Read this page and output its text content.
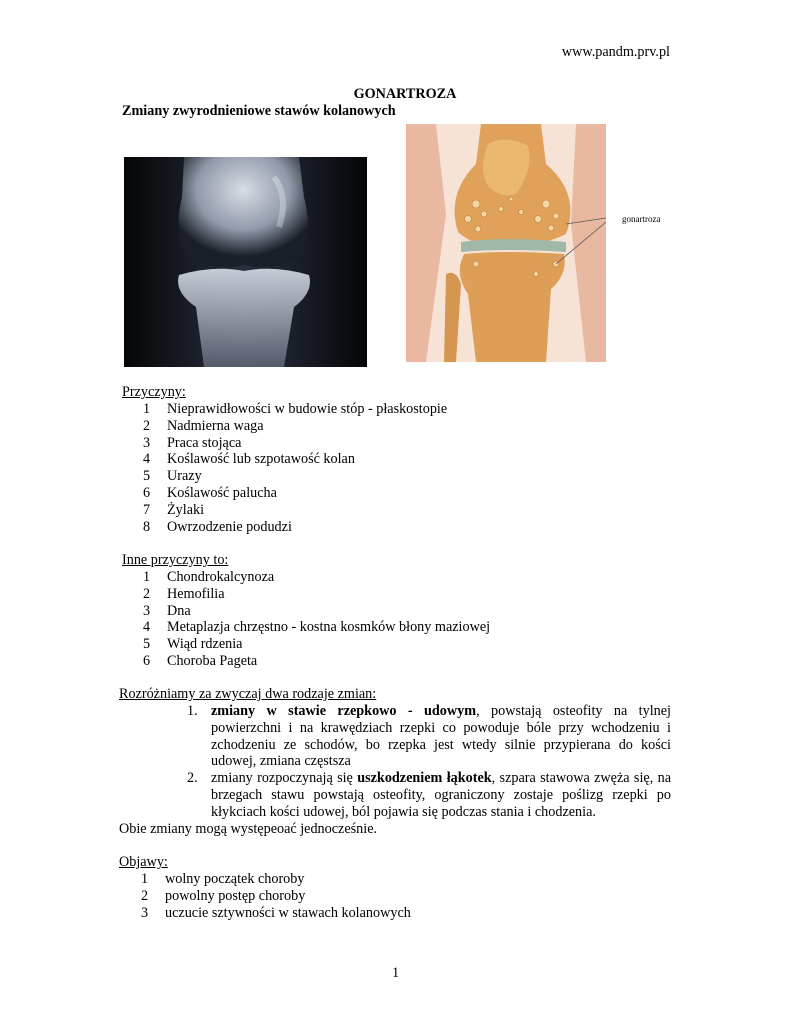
www.pandm.prv.pl
GONARTROZA
Zmiany zwyrodnieniowe stawów kolanowych
gonartroza
Przyczyny:
1 Nieprawidłowości w budowie stóp - płaskostopie
2 Nadmierna waga
3 Praca stojąca
4 Koślawość lub szpotawość kolan
5 Urazy
6 Koślawość palucha
7 Żylaki
8 Owrzodzenie podudzi
Inne przyczyny to:
1 Chondrokalcynoza
2 Hemofilia
3 Dna
4 Metaplazja chrzęstno - kostna kosmków błony maziowej
5 Wiąd rdzenia
6 Choroba Pageta
Rozróżniamy za zwyczaj dwa rodzaje zmian:
1. zmiany w stawie rzepkowo - udowym, powstają osteofity na tylnej powierzchni i na krawędziach rzepki co powoduje bóle przy wchodzeniu i zchodzeniu ze schodów, bo rzepka jest wtedy silnie przypierana do kości udowej, zmiana częstsza
2. zmiany rozpoczynają się uszkodzeniem łąkotek, szpara stawowa zwęża się, na brzegach stawu powstają osteofity, ograniczony zostaje poślizg rzepki po kłykciach kości udowej, ból pojawia się podczas stania i chodzenia.
Obie zmiany mogą występeoać jednocześnie.
Objawy:
1 wolny początek choroby
2 powolny postęp choroby
3 uczucie sztywności w stawach kolanowych
1
